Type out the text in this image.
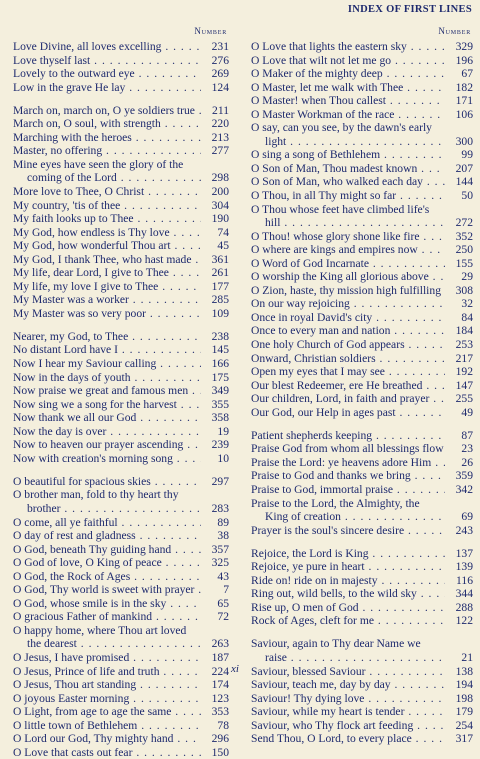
INDEX OF FIRST LINES
Number
Love Divine, all loves excelling . . .	231
Love thyself last . . .	276
Lovely to the outward eye . . .	269
Low in the grave He lay . . .	124
March on, march on, O ye soldiers true . . .	211
March on, O soul, with strength . . .	220
Marching with the heroes . . .	213
Master, no offering . . .	277
Mine eyes have seen the glory of the
coming of the Lord . . .	298
More love to Thee, O Christ . . .	200
My country, 'tis of thee . . .	304
My faith looks up to Thee . . .	190
My God, how endless is Thy love . . .	74
My God, how wonderful Thou art . . .	45
My God, I thank Thee, who hast made . . .	361
My life, dear Lord, I give to Thee . . .	261
My life, my love I give to Thee . . .	177
My Master was a worker . . .	285
My Master was so very poor . . .	109
Nearer, my God, to Thee . . .	238
No distant Lord have I . . .	145
Now I hear my Saviour calling . . .	166
Now in the days of youth . . .	175
Now praise we great and famous men . . .	349
Now sing we a song for the harvest . . .	355
Now thank we all our God . . .	358
Now the day is over . . .	19
Now to heaven our prayer ascending . . .	239
Now with creation's morning song . . .	10
O beautiful for spacious skies . . .	297
O brother man, fold to thy heart thy
brother . . .	283
O come, all ye faithful . . .	89
O day of rest and gladness . . .	38
O God, beneath Thy guiding hand . . .	357
O God of love, O King of peace . . .	325
O God, the Rock of Ages . . .	43
O God, Thy world is sweet with prayer . . .	7
O God, whose smile is in the sky . . .	65
O gracious Father of mankind . . .	72
O happy home, where Thou art loved
the dearest . . .	263
O Jesus, I have promised . . .	187
O Jesus, Prince of life and truth . . .	224
O Jesus, Thou art standing . . .	174
O joyous Easter morning . . .	123
O Light, from age to age the same . . .	353
O little town of Bethlehem . . .	78
O Lord our God, Thy mighty hand . . .	296
O Love that casts out fear . . .	150
Number
O Love that lights the eastern sky . . .	329
O Love that wilt not let me go . . .	196
O Maker of the mighty deep . . .	67
O Master, let me walk with Thee . . .	182
O Master! when Thou callest . . .	171
O Master Workman of the race . . .	106
O say, can you see, by the dawn's early
light . . .	300
O sing a song of Bethlehem . . .	99
O Son of Man, Thou madest known . . .	207
O Son of Man, who walked each day . . .	144
O Thou, in all Thy might so far . . .	50
O Thou whose feet have climbed life's
hill . . .	272
O Thou! whose glory shone like fire . . .	352
O where are kings and empires now . . .	250
O Word of God Incarnate . . .	155
O worship the King all glorious above . . .	29
O Zion, haste, thy mission high fulfilling . . .	308
On our way rejoicing . . .	32
Once in royal David's city . . .	84
Once to every man and nation . . .	184
One holy Church of God appears . . .	253
Onward, Christian soldiers . . .	217
Open my eyes that I may see . . .	192
Our blest Redeemer, ere He breathed . . .	147
Our children, Lord, in faith and prayer . . .	255
Our God, our Help in ages past . . .	49
Patient shepherds keeping . . .	87
Praise God from whom all blessings flow . . .	23
Praise the Lord: ye heavens adore Him . . .	26
Praise to God and thanks we bring . . .	359
Praise to God, immortal praise . . .	342
Praise to the Lord, the Almighty, the
King of creation . . .	69
Prayer is the soul's sincere desire . . .	243
Rejoice, the Lord is King . . .	137
Rejoice, ye pure in heart . . .	139
Ride on! ride on in majesty . . .	116
Ring out, wild bells, to the wild sky . . .	344
Rise up, O men of God . . .	288
Rock of Ages, cleft for me . . .	122
Saviour, again to Thy dear Name we
raise . . .	21
Saviour, blessed Saviour . . .	138
Saviour, teach me, day by day . . .	194
Saviour! Thy dying love . . .	198
Saviour, while my heart is tender . . .	179
Saviour, who Thy flock art feeding . . .	254
Send Thou, O Lord, to every place . . .	317
xi
